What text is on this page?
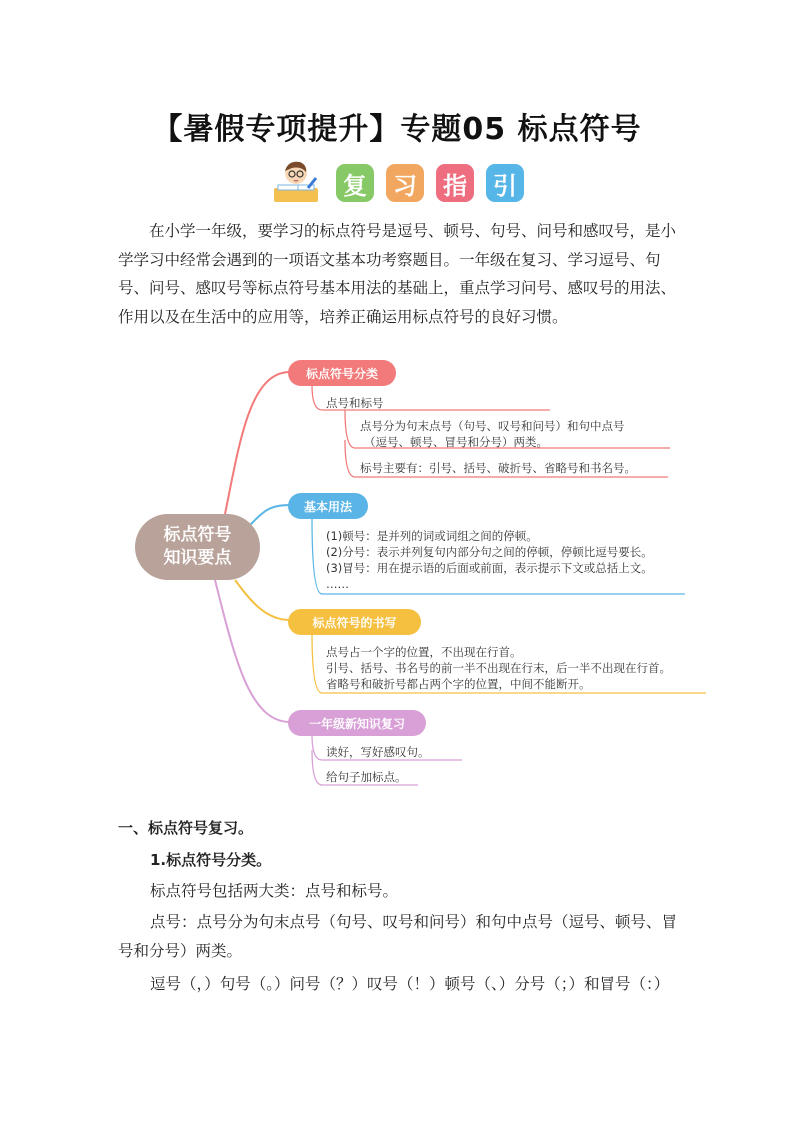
【暑假专项提升】专题05 标点符号
复 习 指 引
在小学一年级，要学习的标点符号是逗号、顿号、句号、问号和感叹号，是小学学习中经常会遇到的一项语文基本功考察题目。一年级在复习、学习逗号、句号、问号、感叹号等标点符号基本用法的基础上，重点学习问号、感叹号的用法、作用以及在生活中的应用等，培养正确运用标点符号的良好习惯。
标点符号
知识要点
标点符号分类
点号和标号
点号分为句末点号（句号、叹号和问号）和句中点号
（逗号、顿号、冒号和分号）两类。
标号主要有：引号、括号、破折号、省略号和书名号。
基本用法
(1)顿号：是并列的词或词组之间的停顿。
(2)分号：表示并列复句内部分句之间的停顿，停顿比逗号要长。
(3)冒号：用在提示语的后面或前面，表示提示下文或总括上文。
……
标点符号的书写
点号占一个字的位置，不出现在行首。
引号、括号、书名号的前一半不出现在行末，后一半不出现在行首。
省略号和破折号都占两个字的位置，中间不能断开。
一年级新知识复习
读好，写好感叹句。
给句子加标点。
一、标点符号复习。
1.标点符号分类。
标点符号包括两大类：点号和标号。
点号：点号分为句末点号（句号、叹号和问号）和句中点号（逗号、顿号、冒号和分号）两类。
逗号（，）句号（。）问号（？）叹号（！）顿号（、）分号（；）和冒号（：）
